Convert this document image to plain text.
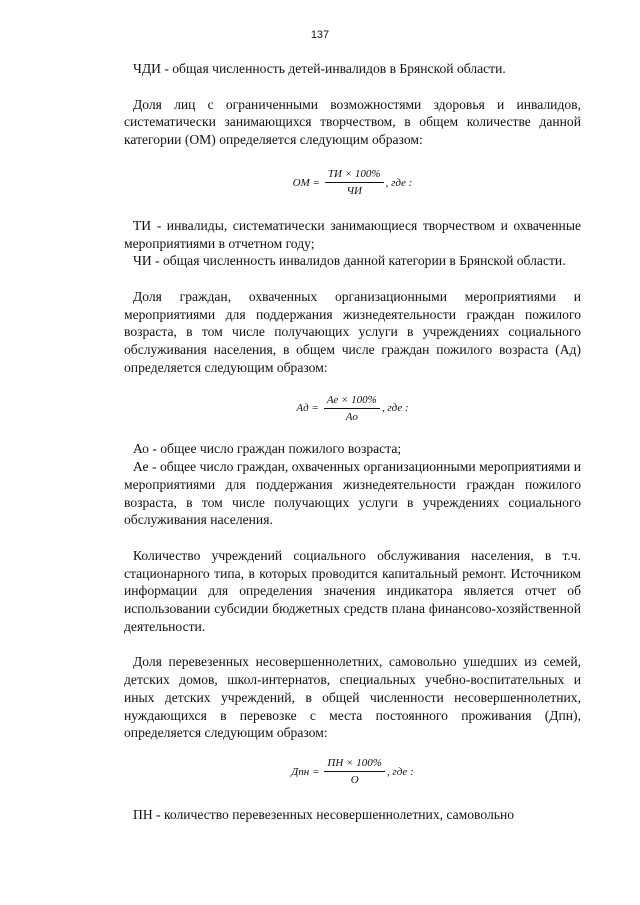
137

ЧДИ - общая численность детей-инвалидов в Брянской области.

Доля лиц с ограниченными возможностями здоровья и инвалидов, систематически занимающихся творчеством, в общем количестве данной категории (ОМ) определяется следующим образом:

ОМ = $\frac{ТИ \times 100\%}{ЧИ}$ , где :

ТИ - инвалиды, систематически занимающиеся творчеством и охваченные мероприятиями в отчетном году;

ЧИ - общая численность инвалидов данной категории в Брянской области.

Доля граждан, охваченных организационными мероприятиями и мероприятиями для поддержания жизнедеятельности граждан пожилого возраста, в том числе получающих услуги в учреждениях социального обслуживания населения, в общем числе граждан пожилого возраста (Ад) определяется следующим образом:

Ад = $\frac{Ае \times 100\%}{Ао}$ , где :

Ао - общее число граждан пожилого возраста;

Ае - общее число граждан, охваченных организационными мероприятиями и мероприятиями для поддержания жизнедеятельности граждан пожилого возраста, в том числе получающих услуги в учреждениях социального обслуживания населения.

Количество учреждений социального обслуживания населения, в т.ч. стационарного типа, в которых проводится капитальный ремонт. Источником информации для определения значения индикатора является отчет об использовании субсидии бюджетных средств плана финансово-хозяйственной деятельности.

Доля перевезенных несовершеннолетних, самовольно ушедших из семей, детских домов, школ-интернатов, специальных учебно-воспитательных и иных детских учреждений, в общей численности несовершеннолетних, нуждающихся в перевозке с места постоянного проживания (Дпн), определяется следующим образом:

Дпн = $\frac{ПН \times 100\%}{О}$ , где :

ПН - количество перевезенных несовершеннолетних, самовольно
